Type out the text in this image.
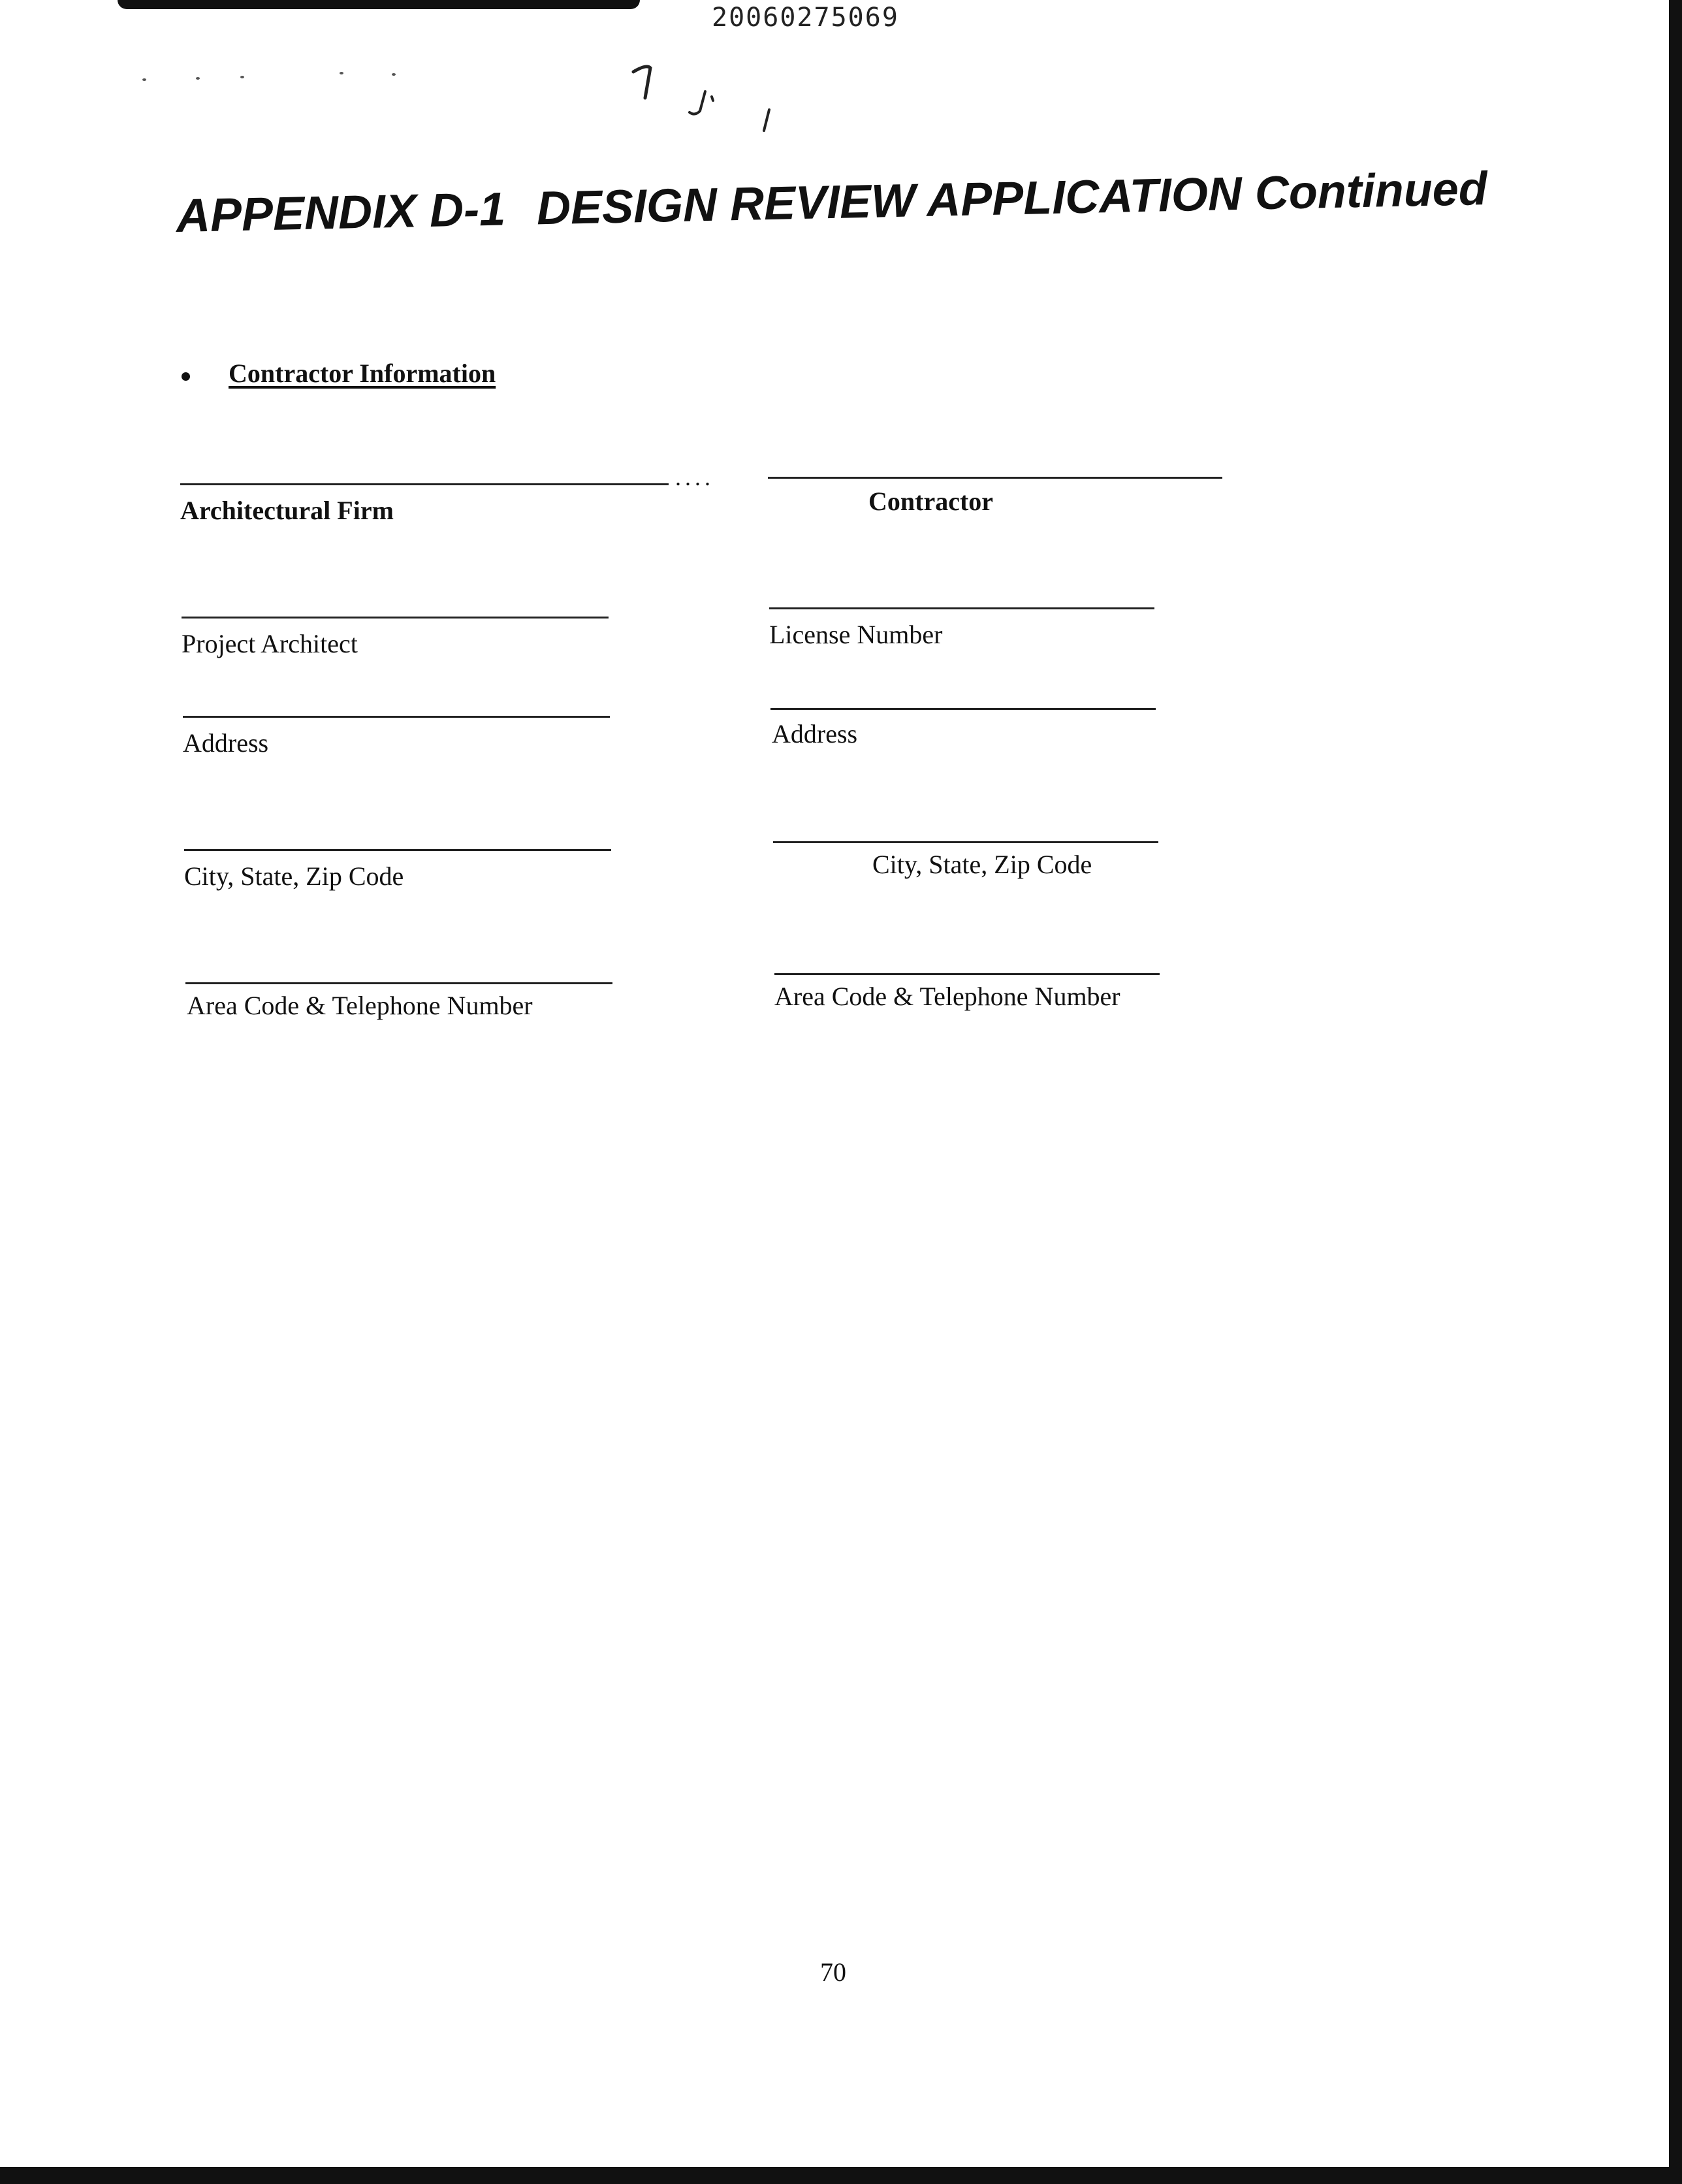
20060275069
APPENDIX D-1 DESIGN REVIEW APPLICATION Continued
Contractor Information
....
Architectural Firm
Project Architect
Address
City, State, Zip Code
Area Code & Telephone Number
Contractor
License Number
Address
City, State, Zip Code
Area Code & Telephone Number
70
